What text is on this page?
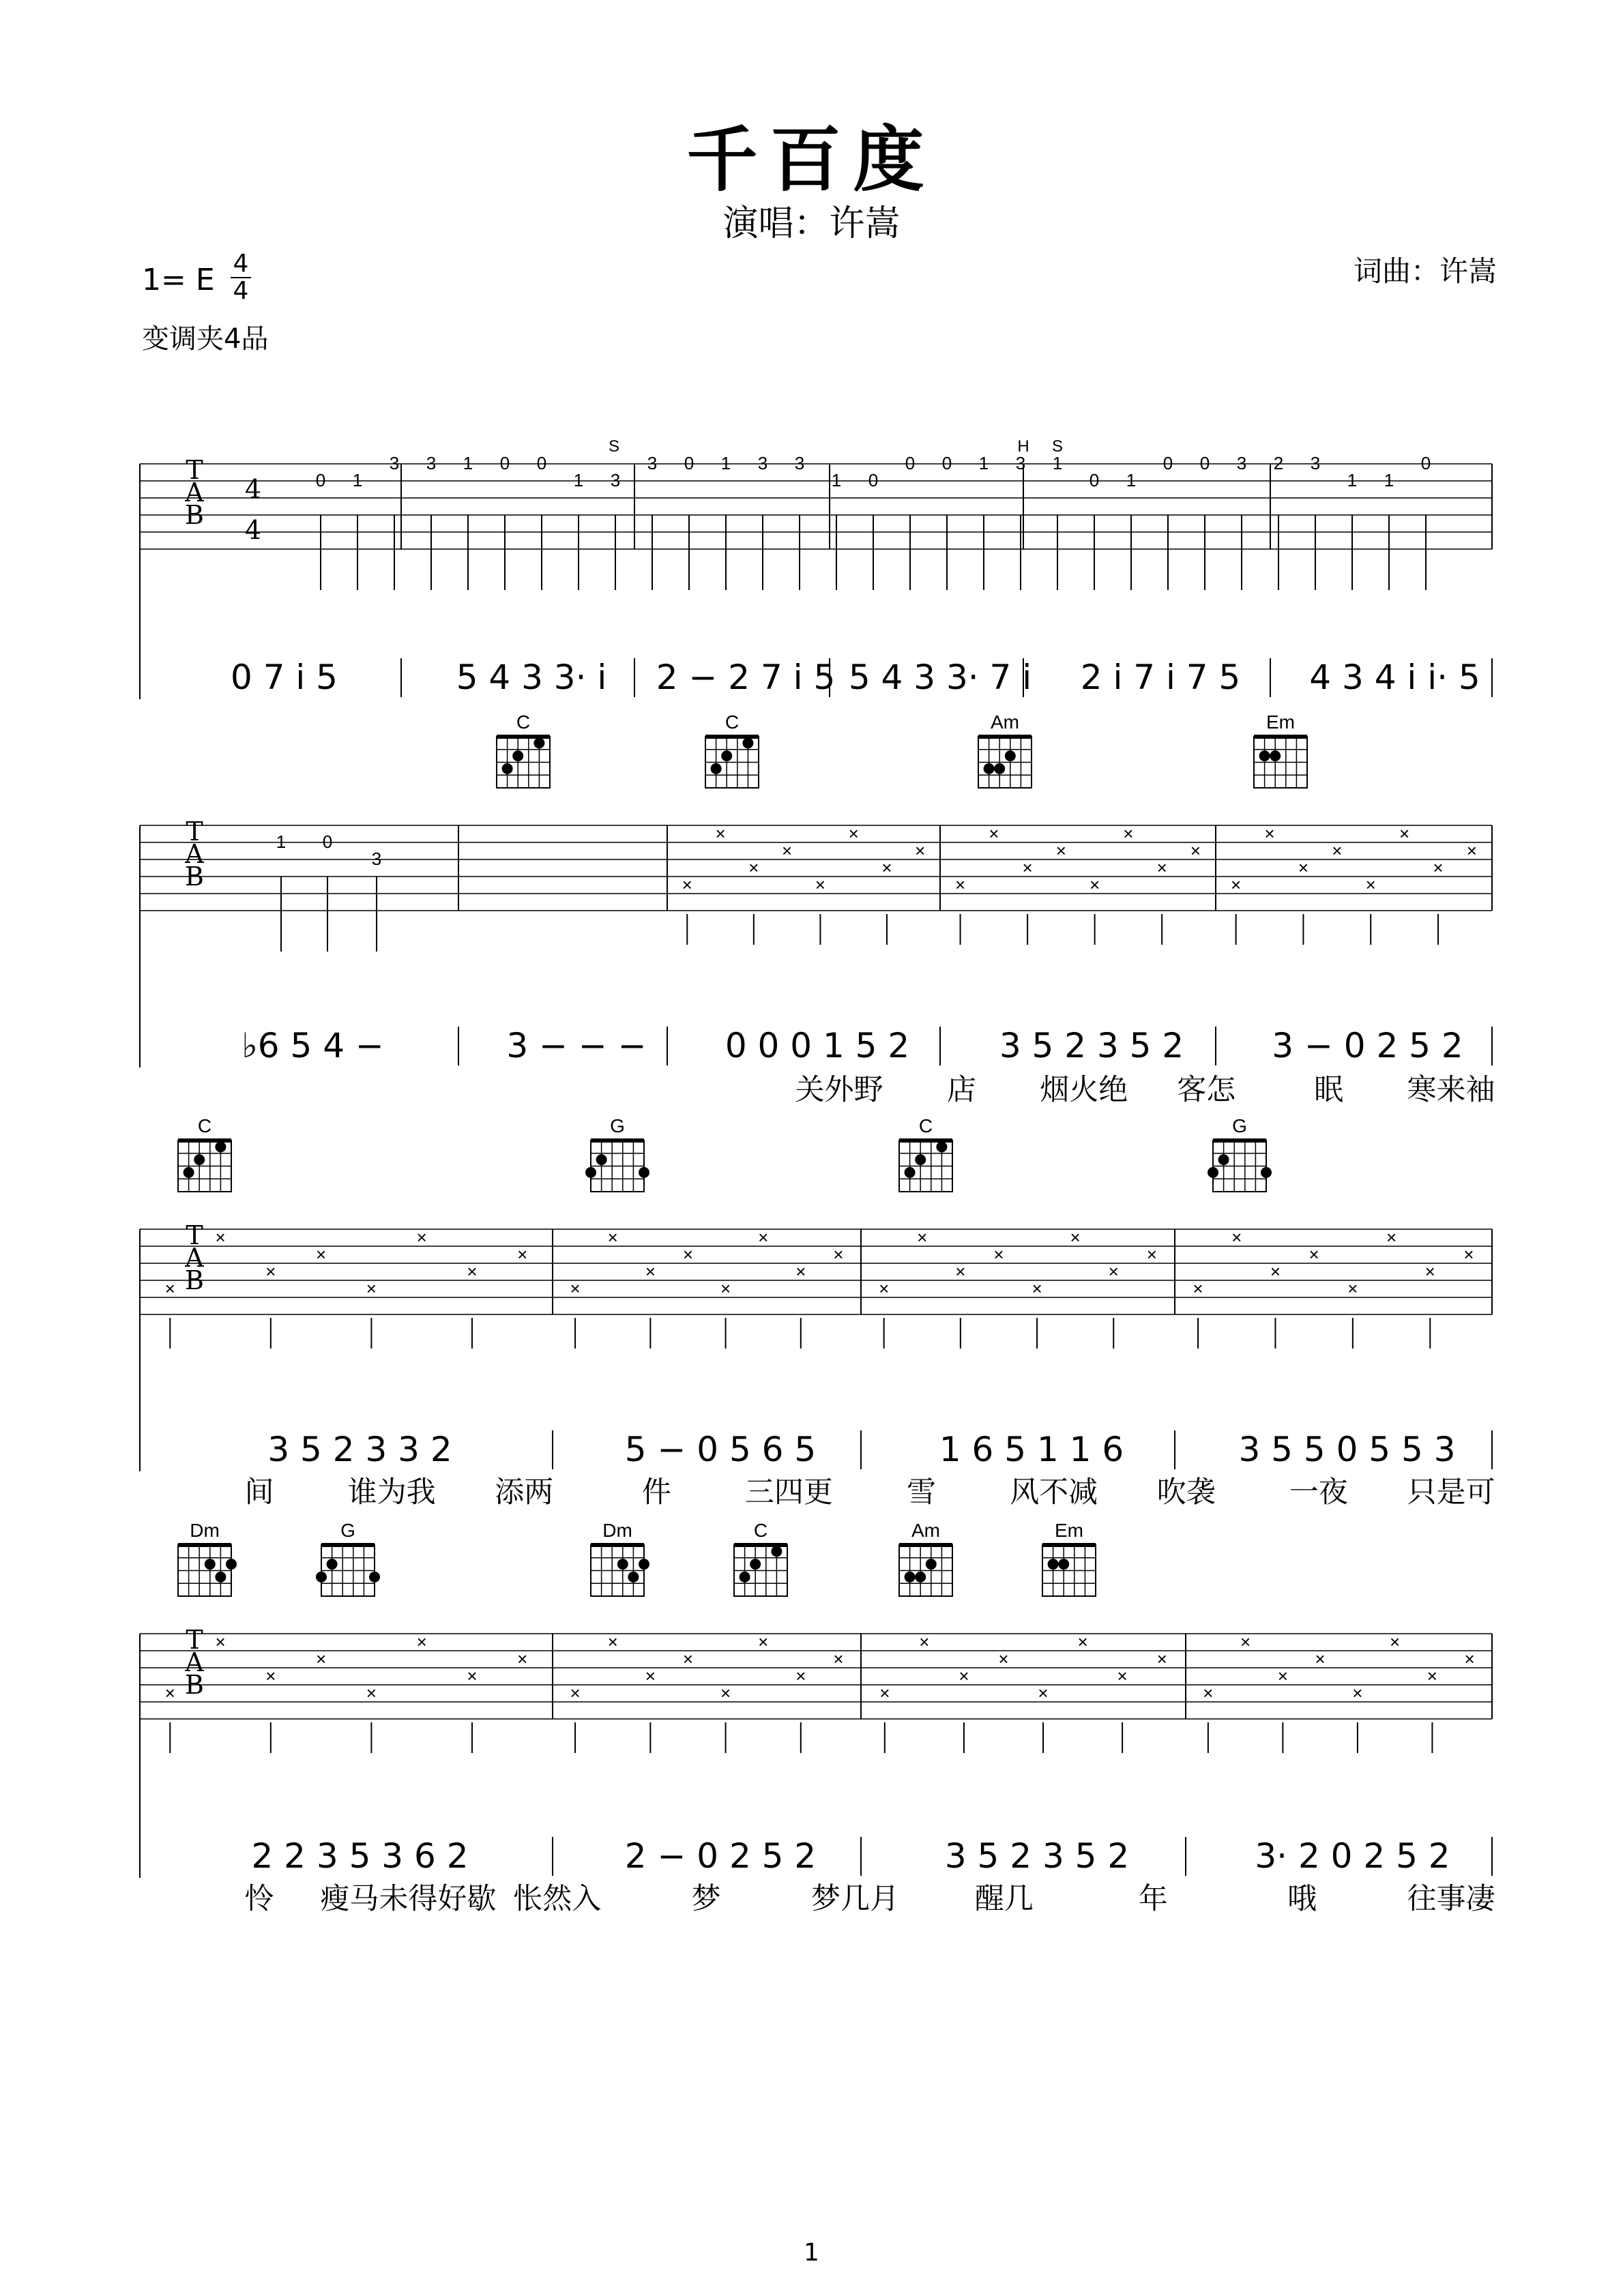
千百度
演唱：许嵩
词曲：许嵩
1= E 4
4
变调夹4品
1
T
A
B
4
4
0 1
3 3 1 0 0
1 3
3 0 1 3 3
1 0
0 0 1 3 1
0 1
0 0 3 2 3
1 1
0
S	H S
0 7 i 5	5 4 3 3· i 2 − 2 7 i 5 5 4 3 3· 7 i 2 i 7 i 7 5 4 3 4 i i· 5
T
A
B
C	C	Am	Em
×
×
×
×
×
×
×
×
×
×
×
×
×
×
×
×
×
×
×
×
×
×
×
×
1 0
3
♭6 5 4 −	3 − − − 0 0 0 1 5 2	3 5 2 3 5 2	3 − 0 2 5 2
关外野 店 烟火绝 客怎	眠 寒来袖
T
A
B
C	G	C	G
×
×
×
×
×
×
×
×
×
×
×
×
×
×
×
×
×
×
×
×
×
×
×
×
×
×
×
×
×
×
×
×
3 5 2 3 3 2	5 − 0 5 6 5	1 6 5 1 1 6	3 5 5 0 5 5 3
间	谁为我 添两	件	三四更	雪	风不减 吹袭	一夜 只是可
T
A
B
Dm	G	Dm	C	Am	Em
×
×
×
×
×
×
×
×
×
×
×
×
×
×
×
×
×
×
×
×
×
×
×
×
×
×
×
×
×
×
×
×
2 2 3 5 3 6 2	2 − 0 2 5 2	3 5 2 3 5 2	3· 2 0 2 5 2
怜 瘦马未得好歇 怅然入	梦	梦几月	醒几	年	哦	往事凄
